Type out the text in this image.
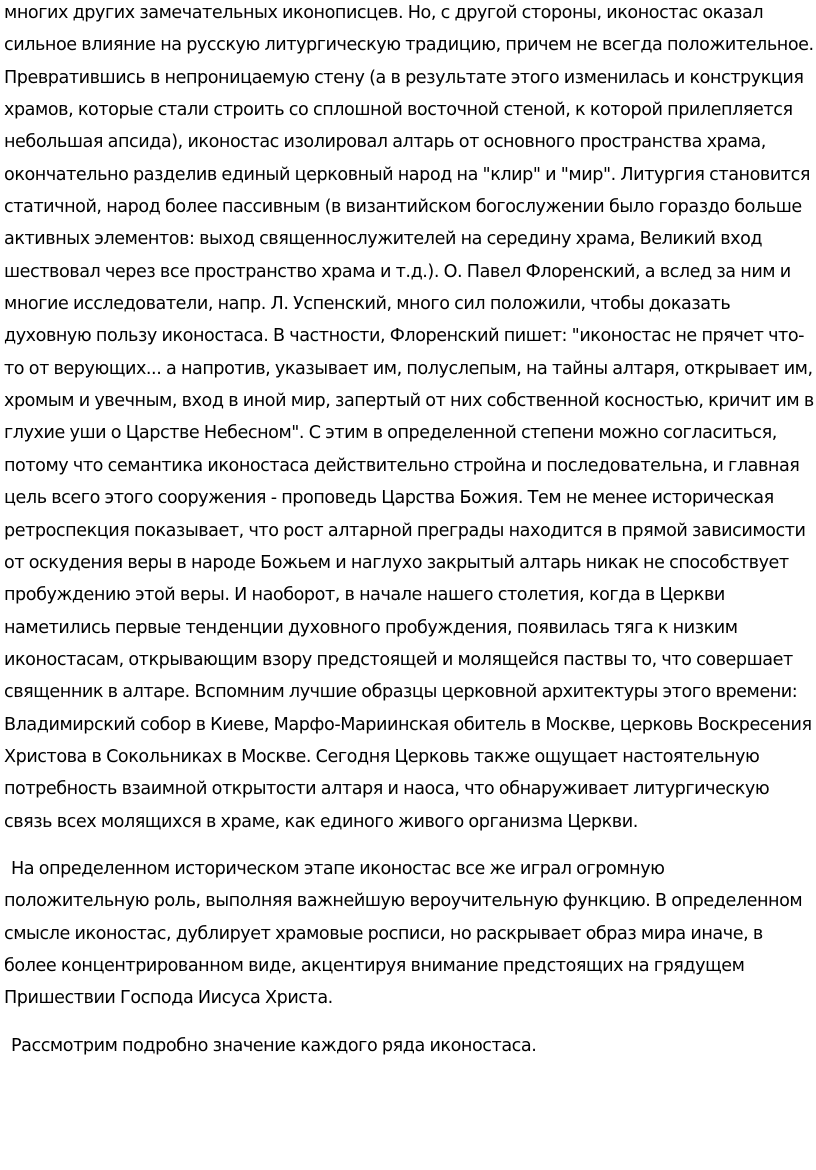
многих других замечательных иконописцев. Но, с другой стороны, иконостас оказал сильное влияние на русскую литургическую традицию, причем не всегда положительное. Превратившись в непроницаемую стену (а в результате этого изменилась и конструкция храмов, которые стали строить со сплошной восточной стеной, к которой прилепляется небольшая апсида), иконостас изолировал алтарь от основного пространства храма, окончательно разделив единый церковный народ на "клир" и "мир". Литургия становится статичной, народ более пассивным (в византийском богослужении было гораздо больше активных элементов: выход священнослужителей на середину храма, Великий вход шествовал через все пространство храма и т.д.). О. Павел Флоренский, а вслед за ним и многие исследователи, напр. Л. Успенский, много сил положили, чтобы доказать духовную пользу иконостаса. В частности, Флоренский пишет: "иконостас не прячет что-то от верующих... а напротив, указывает им, полуслепым, на тайны алтаря, открывает им, хромым и увечным, вход в иной мир, запертый от них собственной косностью, кричит им в глухие уши о Царстве Небесном". С этим в определенной степени можно согласиться, потому что семантика иконостаса действительно стройна и последовательна, и главная цель всего этого сооружения - проповедь Царства Божия. Тем не менее историческая ретроспекция показывает, что рост алтарной преграды находится в прямой зависимости от оскудения веры в народе Божьем и наглухо закрытый алтарь никак не способствует пробуждению этой веры. И наоборот, в начале нашего столетия, когда в Церкви наметились первые тенденции духовного пробуждения, появилась тяга к низким иконостасам, открывающим взору предстоящей и молящейся паствы то, что совершает священник в алтаре. Вспомним лучшие образцы церковной архитектуры этого времени: Владимирский собор в Киеве, Марфо-Мариинская обитель в Москве, церковь Воскресения Христова в Сокольниках в Москве. Сегодня Церковь также ощущает настоятельную потребность взаимной открытости алтаря и наоса, что обнаруживает литургическую связь всех молящихся в храме, как единого живого организма Церкви.

На определенном историческом этапе иконостас все же играл огромную положительную роль, выполняя важнейшую вероучительную функцию. В определенном смысле иконостас, дублирует храмовые росписи, но раскрывает образ мира иначе, в более концентрированном виде, акцентируя внимание предстоящих на грядущем Пришествии Господа Иисуса Христа.

Рассмотрим подробно значение каждого ряда иконостаса.
